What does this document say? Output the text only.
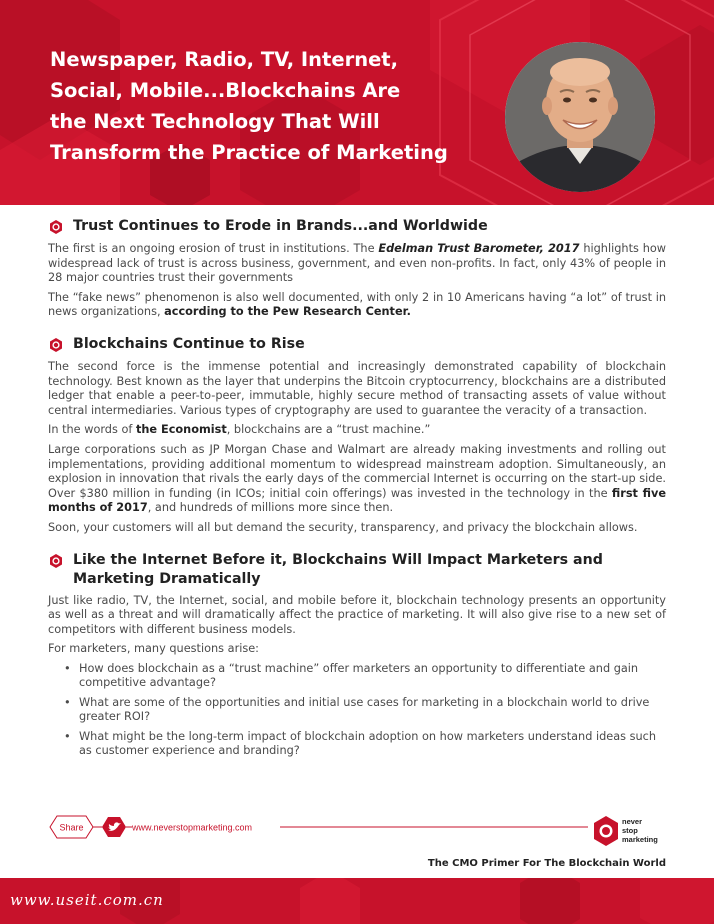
Newspaper, Radio, TV, Internet,
Social, Mobile...Blockchains Are
the Next Technology That Will
Transform the Practice of Marketing
Trust Continues to Erode in Brands...and Worldwide

The first is an ongoing erosion of trust in institutions. The Edelman Trust Barometer, 2017 highlights how widespread lack of trust is across business, government, and even non-profits. In fact, only 43% of people in 28 major countries trust their governments

The “fake news” phenomenon is also well documented, with only 2 in 10 Americans having “a lot” of trust in news organizations, according to the Pew Research Center.

Blockchains Continue to Rise

The second force is the immense potential and increasingly demonstrated capability of blockchain technology. Best known as the layer that underpins the Bitcoin cryptocurrency, blockchains are a distributed ledger that enable a peer-to-peer, immutable, highly secure method of transacting assets of value without central intermediaries. Various types of cryptography are used to guarantee the veracity of a transaction.

In the words of the Economist, blockchains are a “trust machine.”

Large corporations such as JP Morgan Chase and Walmart are already making investments and rolling out implementations, providing additional momentum to widespread mainstream adoption. Simultaneously, an explosion in innovation that rivals the early days of the commercial Internet is occurring on the start-up side. Over $380 million in funding (in ICOs; initial coin offerings) was invested in the technology in the first five months of 2017, and hundreds of millions more since then.

Soon, your customers will all but demand the security, transparency, and privacy the blockchain allows.

Like the Internet Before it, Blockchains Will Impact Marketers and
Marketing Dramatically

Just like radio, TV, the Internet, social, and mobile before it, blockchain technology presents an opportunity as well as a threat and will dramatically affect the practice of marketing. It will also give rise to a new set of competitors with different business models.

For marketers, many questions arise:

• How does blockchain as a “trust machine” offer marketers an opportunity to differentiate and gain competitive advantage?
• What are some of the opportunities and initial use cases for marketing in a blockchain world to drive greater ROI?
• What might be the long-term impact of blockchain adoption on how marketers understand ideas such as customer experience and branding?
Share	www.neverstopmarketing.com
never
stop
marketing
The CMO Primer For The Blockchain World
www.useit.com.cn
